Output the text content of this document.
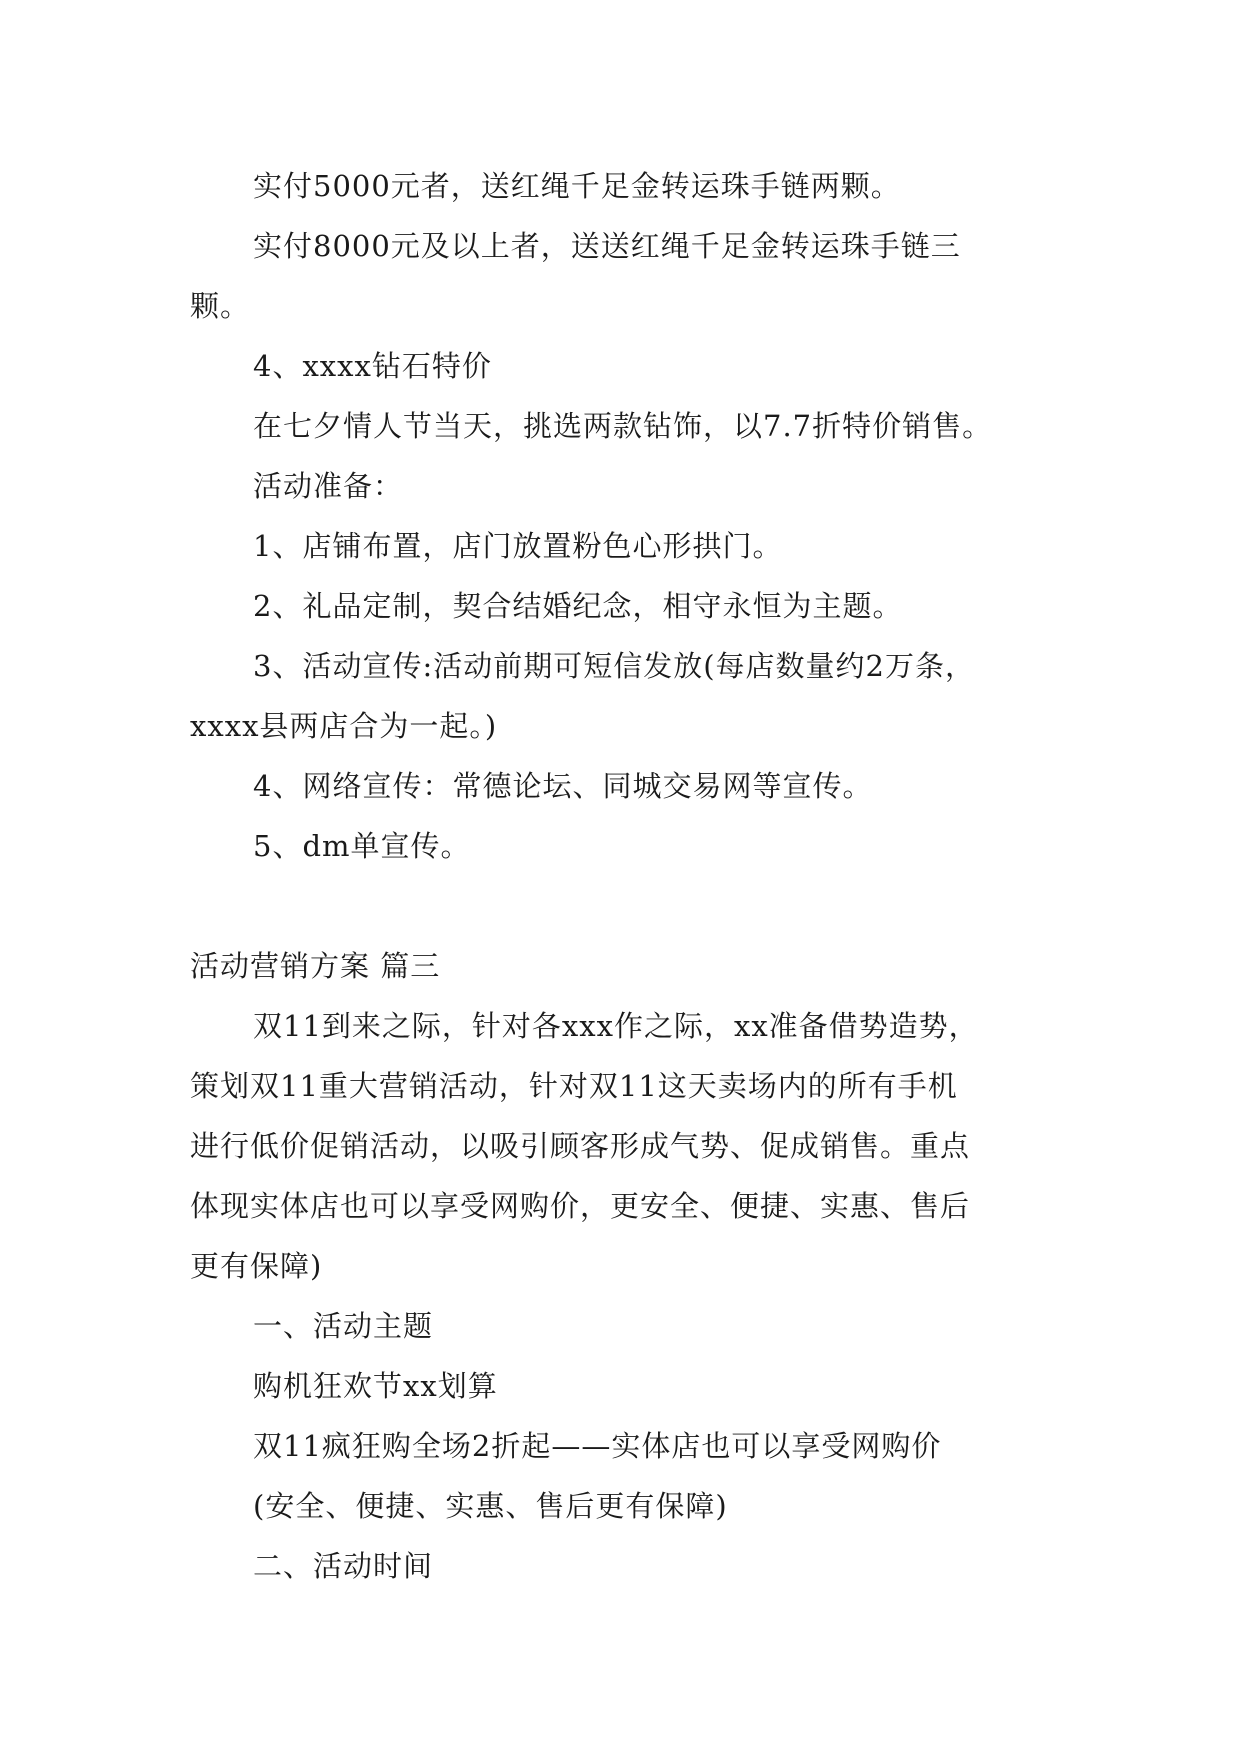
实付5000元者，送红绳千足金转运珠手链两颗。
实付8000元及以上者，送送红绳千足金转运珠手链三
颗。
4、xxxx钻石特价
在七夕情人节当天，挑选两款钻饰，以7.7折特价销售。
活动准备：
1、店铺布置，店门放置粉色心形拱门。
2、礼品定制，契合结婚纪念，相守永恒为主题。
3、活动宣传:活动前期可短信发放(每店数量约2万条，
xxxx县两店合为一起。)
4、网络宣传：常德论坛、同城交易网等宣传。
5、dm单宣传。
活动营销方案 篇三
双11到来之际，针对各xxx作之际，xx准备借势造势，
策划双11重大营销活动，针对双11这天卖场内的所有手机
进行低价促销活动，以吸引顾客形成气势、促成销售。重点
体现实体店也可以享受网购价，更安全、便捷、实惠、售后
更有保障)
一、活动主题
购机狂欢节xx划算
双11疯狂购全场2折起——实体店也可以享受网购价
(安全、便捷、实惠、售后更有保障)
二、活动时间
